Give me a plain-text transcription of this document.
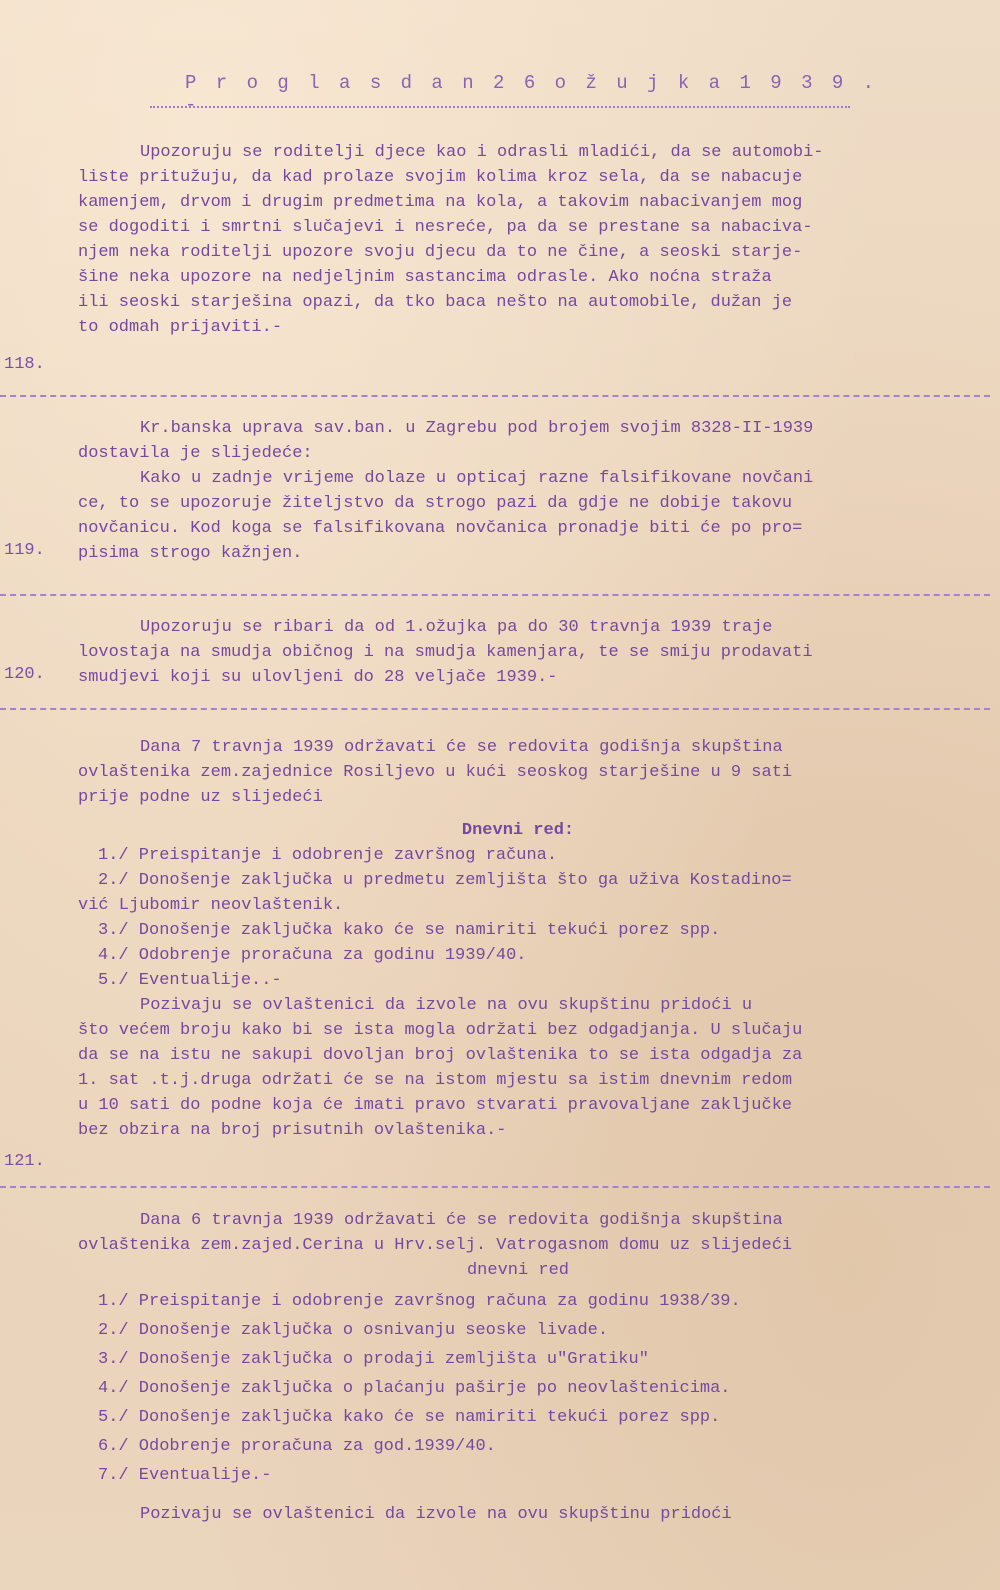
P r o g l a s d a n 2 6 o ž u j k a 1 9 3 9 . -

Upozoruju se roditelji djece kao i odrasli mladići, da se automobi-

liste pritužuju, da kad prolaze svojim kolima kroz sela, da se nabacuje

kamenjem, drvom i drugim predmetima na kola, a takovim nabacivanjem mog

se dogoditi i smrtni slučajevi i nesreće, pa da se prestane sa nabaciva-

njem neka roditelji upozore svoju djecu da to ne čine, a seoski starje-

šine neka upozore na nedjeljnim sastancima odrasle. Ako noćna straža

ili seoski starješina opazi, da tko baca nešto na automobile, dužan je

to odmah prijaviti.-

118.

Kr.banska uprava sav.ban. u Zagrebu pod brojem svojim 8328-II-1939

dostavila je slijedeće:

Kako u zadnje vrijeme dolaze u opticaj razne falsifikovane novčani

ce, to se upozoruje žiteljstvo da strogo pazi da gdje ne dobije takovu

novčanicu. Kod koga se falsifikovana novčanica pronadje biti će po pro=

pisima strogo kažnjen.

119.

Upozoruju se ribari da od 1.ožujka pa do 30 travnja 1939 traje

lovostaja na smudja običnog i na smudja kamenjara, te se smiju prodavati

smudjevi koji su ulovljeni do 28 veljače 1939.-

120.

Dana 7 travnja 1939 održavati će se redovita godišnja skupština

ovlaštenika zem.zajednice Rosiljevo u kući seoskog starješine u 9 sati

prije podne uz slijedeći

Dnevni red:

1./ Preispitanje i odobrenje završnog računa.

2./ Donošenje zaključka u predmetu zemljišta što ga uživa Kostadino=

vić Ljubomir neovlaštenik.

3./ Donošenje zaključka kako će se namiriti tekući porez spp.

4./ Odobrenje proračuna za godinu 1939/40.

5./ Eventualije..-

Pozivaju se ovlaštenici da izvole na ovu skupštinu pridoći u

što većem broju kako bi se ista mogla održati bez odgadjanja. U slučaju

da se na istu ne sakupi dovoljan broj ovlaštenika to se ista odgadja za

1. sat .t.j.druga održati će se na istom mjestu sa istim dnevnim redom

u 10 sati do podne koja će imati pravo stvarati pravovaljane zaključke

bez obzira na broj prisutnih ovlaštenika.-

121.

Dana 6 travnja 1939 održavati će se redovita godišnja skupština

ovlaštenika zem.zajed.Cerina u Hrv.selj. Vatrogasnom domu uz slijedeći

dnevni red

1./ Preispitanje i odobrenje završnog računa za godinu 1938/39.

2./ Donošenje zaključka o osnivanju seoske livade.

3./ Donošenje zaključka o prodaji zemljišta u"Gratiku"

4./ Donošenje zaključka o plaćanju paširje po neovlaštenicima.

5./ Donošenje zaključka kako će se namiriti tekući porez spp.

6./ Odobrenje proračuna za god.1939/40.

7./ Eventualije.-

Pozivaju se ovlaštenici da izvole na ovu skupštinu pridoći
